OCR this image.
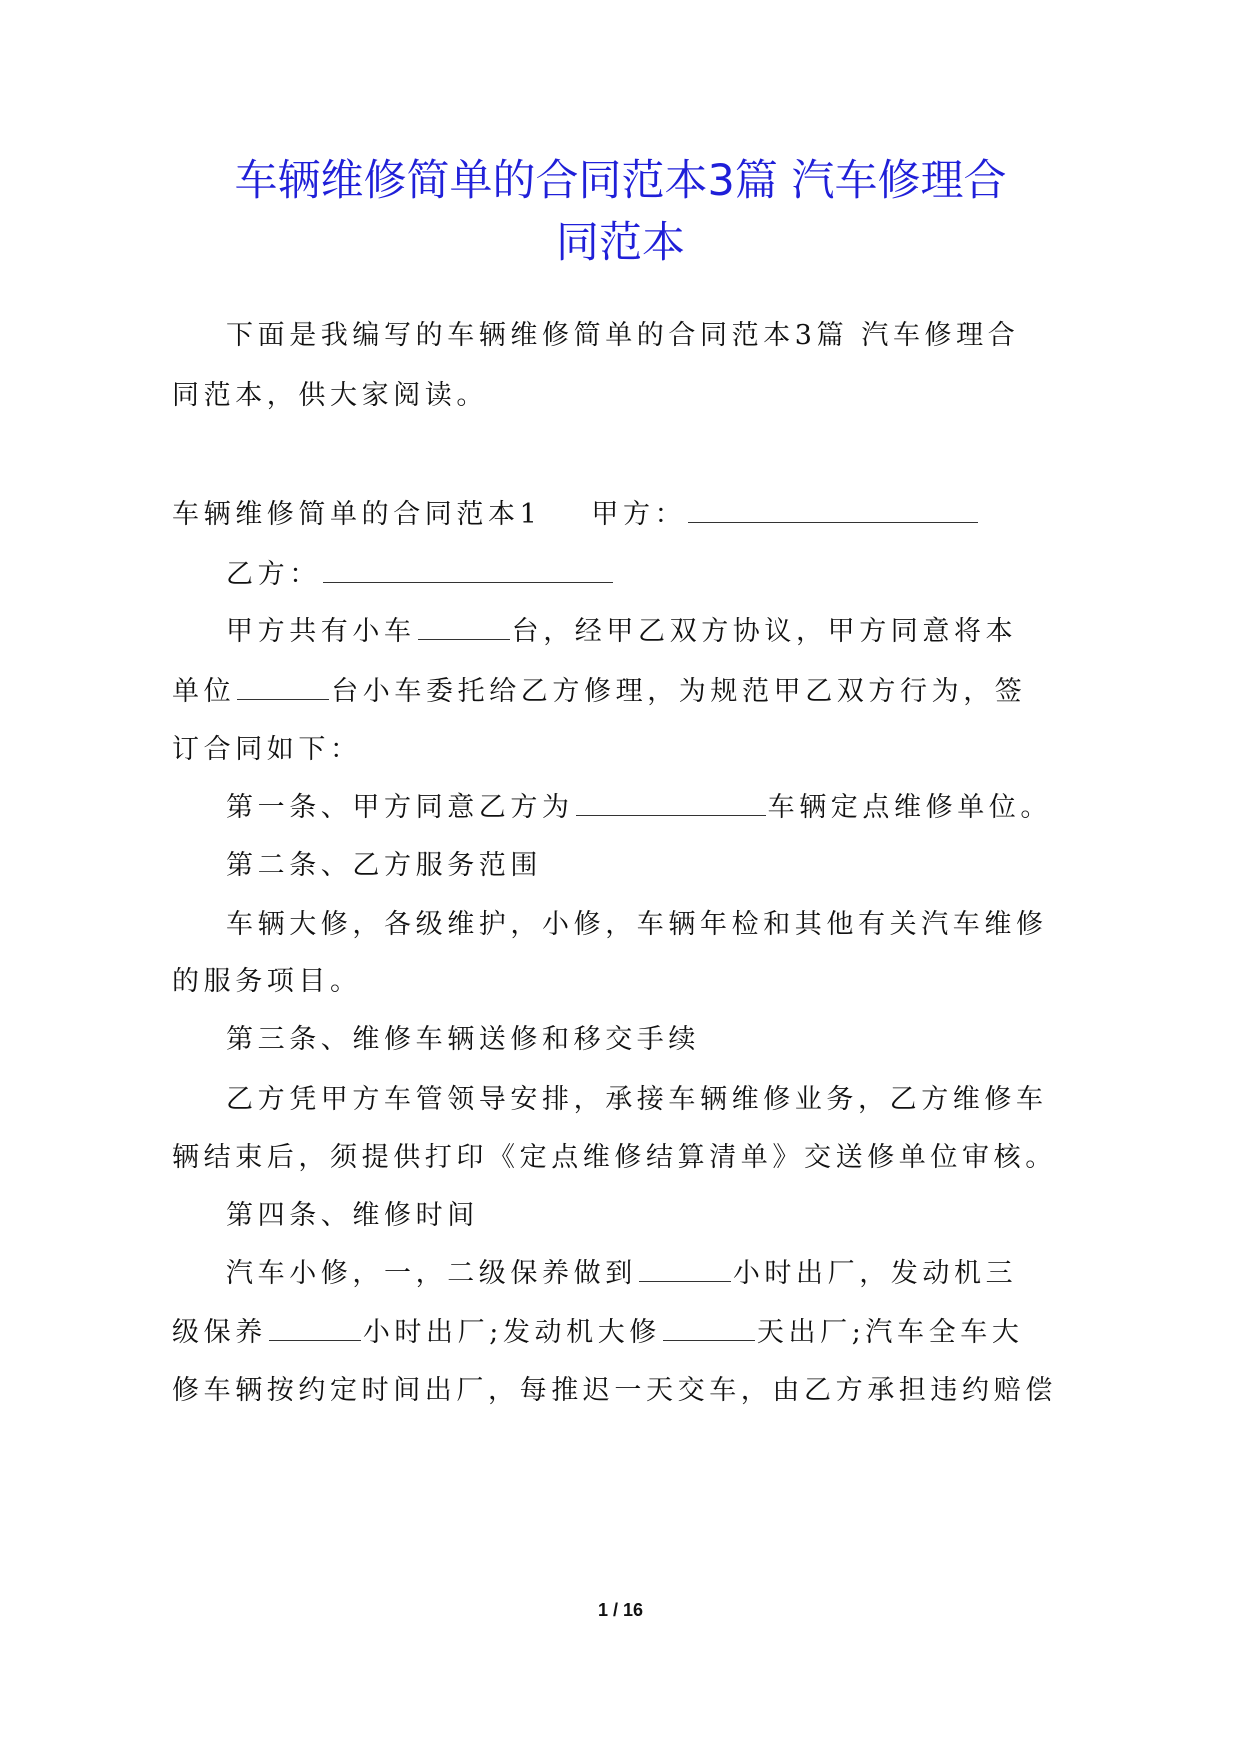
车辆维修简单的合同范本3篇 汽车修理合
同范本

下面是我编写的车辆维修简单的合同范本3篇 汽车修理合

同范本，供大家阅读。

车辆维修简单的合同范本1 甲方：

乙方：

甲方共有小车	台，经甲乙双方协议，甲方同意将本

单位	台小车委托给乙方修理，为规范甲乙双方行为，签

订合同如下：

第一条、甲方同意乙方为	车辆定点维修单位。

第二条、乙方服务范围

车辆大修，各级维护，小修，车辆年检和其他有关汽车维修

的服务项目。

第三条、维修车辆送修和移交手续

乙方凭甲方车管领导安排，承接车辆维修业务，乙方维修车

辆结束后，须提供打印《定点维修结算清单》交送修单位审核。

第四条、维修时间

汽车小修，一，二级保养做到	小时出厂，发动机三

级保养	小时出厂;发动机大修	天出厂;汽车全车大

修车辆按约定时间出厂，每推迟一天交车，由乙方承担违约赔偿

1 / 16
